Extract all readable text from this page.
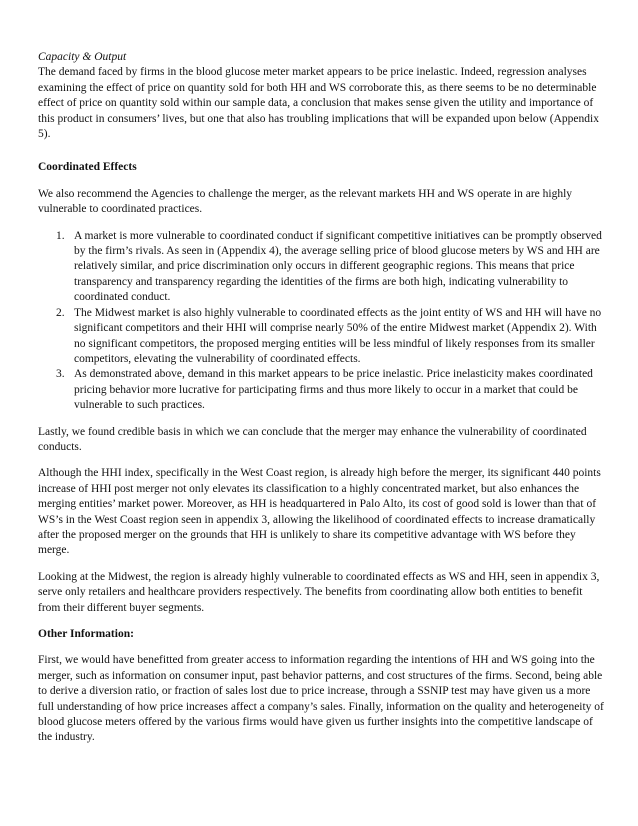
Capacity & Output

The demand faced by firms in the blood glucose meter market appears to be price inelastic. Indeed, regression analyses examining the effect of price on quantity sold for both HH and WS corroborate this, as there seems to be no determinable effect of price on quantity sold within our sample data, a conclusion that makes sense given the utility and importance of this product in consumers’ lives, but one that also has troubling implications that will be expanded upon below (Appendix 5).

Coordinated Effects

We also recommend the Agencies to challenge the merger, as the relevant markets HH and WS operate in are highly vulnerable to coordinated practices.

1. A market is more vulnerable to coordinated conduct if significant competitive initiatives can be promptly observed by the firm’s rivals. As seen in (Appendix 4), the average selling price of blood glucose meters by WS and HH are relatively similar, and price discrimination only occurs in different geographic regions. This means that price transparency and transparency regarding the identities of the firms are both high, indicating vulnerability to coordinated conduct.
2. The Midwest market is also highly vulnerable to coordinated effects as the joint entity of WS and HH will have no significant competitors and their HHI will comprise nearly 50% of the entire Midwest market (Appendix 2). With no significant competitors, the proposed merging entities will be less mindful of likely responses from its smaller competitors, elevating the vulnerability of coordinated effects.
3. As demonstrated above, demand in this market appears to be price inelastic. Price inelasticity makes coordinated pricing behavior more lucrative for participating firms and thus more likely to occur in a market that could be vulnerable to such practices.

Lastly, we found credible basis in which we can conclude that the merger may enhance the vulnerability of coordinated conducts.

Although the HHI index, specifically in the West Coast region, is already high before the merger, its significant 440 points increase of HHI post merger not only elevates its classification to a highly concentrated market, but also enhances the merging entities’ market power. Moreover, as HH is headquartered in Palo Alto, its cost of good sold is lower than that of WS’s in the West Coast region seen in appendix 3, allowing the likelihood of coordinated effects to increase dramatically after the proposed merger on the grounds that HH is unlikely to share its competitive advantage with WS before they merge.

Looking at the Midwest, the region is already highly vulnerable to coordinated effects as WS and HH, seen in appendix 3, serve only retailers and healthcare providers respectively. The benefits from coordinating allow both entities to benefit from their different buyer segments.

Other Information:

First, we would have benefitted from greater access to information regarding the intentions of HH and WS going into the merger, such as information on consumer input, past behavior patterns, and cost structures of the firms. Second, being able to derive a diversion ratio, or fraction of sales lost due to price increase, through a SSNIP test may have given us a more full understanding of how price increases affect a company’s sales. Finally, information on the quality and heterogeneity of blood glucose meters offered by the various firms would have given us further insights into the competitive landscape of the industry.
